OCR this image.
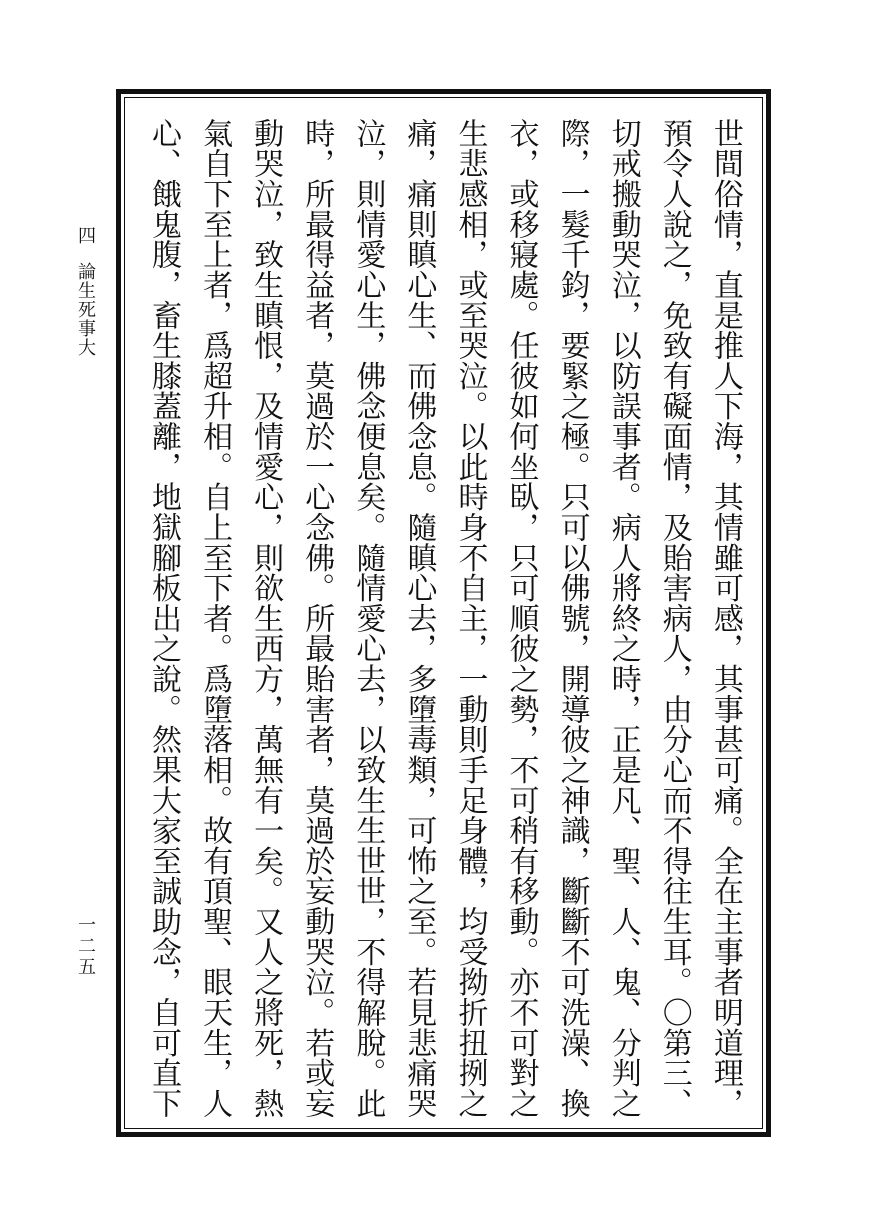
四
論生死事大
一二五	世間俗情，直是推人下海，其情雖可感，其事甚可痛。全在主事者明道理，
預令人說之，免致有礙面情，及貽害病人，由分心而不得往生耳。〇第三、
切戒搬動哭泣，以防誤事者。病人將終之時，正是凡、聖、人、鬼、分判之
際，一髮千鈞，要緊之極。只可以佛號，開導彼之神識，斷斷不可洗澡、換
衣，或移寢處。任彼如何坐臥，只可順彼之勢，不可稍有移動。亦不可對之
生悲感相，或至哭泣。以此時身不自主，一動則手足身體，均受拗折扭挒之
痛，痛則瞋心生、而佛念息。隨瞋心去，多墮毒類，可怖之至。若見悲痛哭
泣，則情愛心生，佛念便息矣。隨情愛心去，以致生生世世，不得解脫。此
時，所最得益者，莫過於一心念佛。所最貽害者，莫過於妄動哭泣。若或妄
動哭泣，致生瞋恨，及情愛心，則欲生西方，萬無有一矣。又人之將死，熱
氣自下至上者，爲超升相。自上至下者。爲墮落相。故有頂聖、眼天生，人
心、餓鬼腹，畜生膝蓋離，地獄腳板出之說。然果大家至誠助念，自可直下
